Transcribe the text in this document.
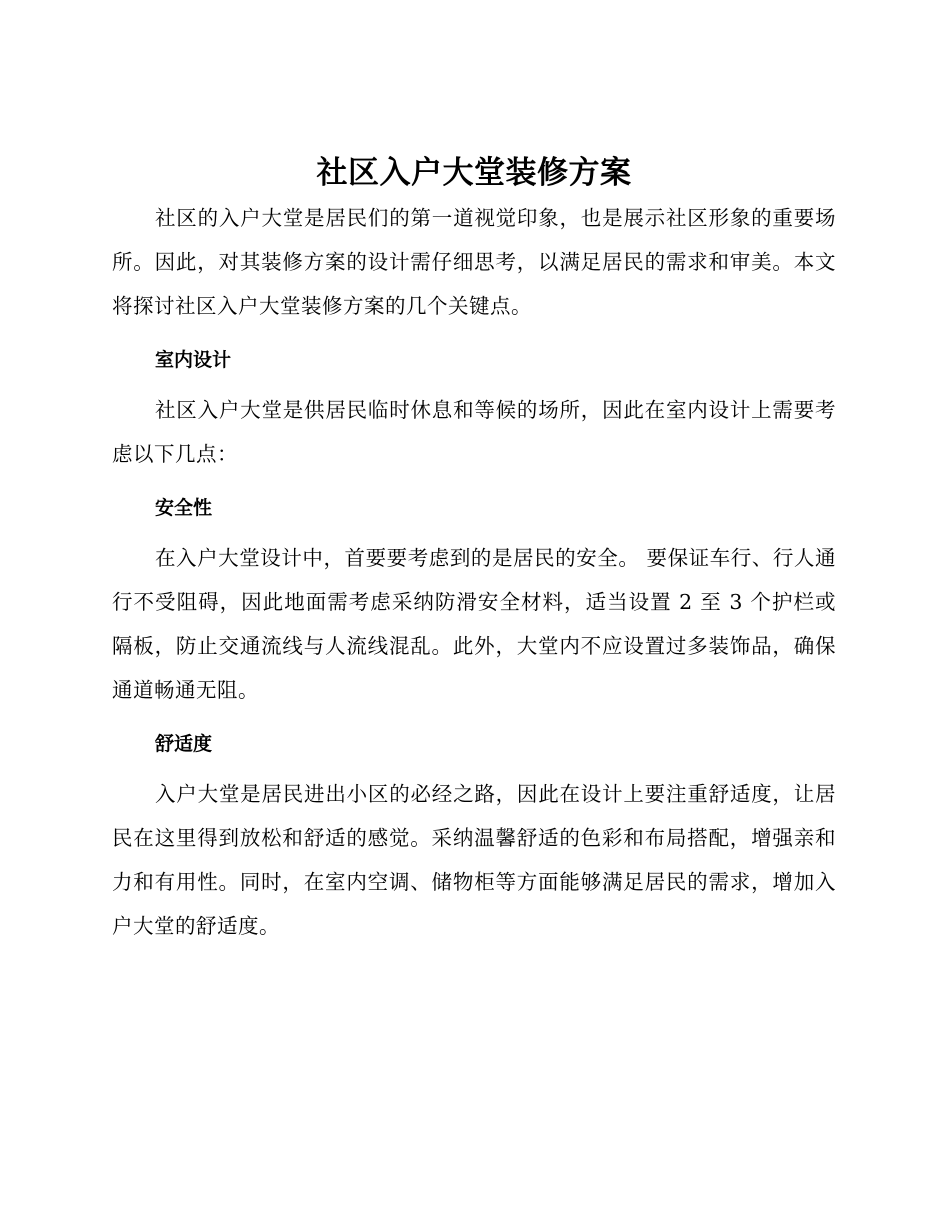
社区入户大堂装修方案

社区的入户大堂是居民们的第一道视觉印象，也是展示社区形象的重要场所。因此，对其装修方案的设计需仔细思考，以满足居民的需求和审美。本文将探讨社区入户大堂装修方案的几个关键点。

室内设计

社区入户大堂是供居民临时休息和等候的场所，因此在室内设计上需要考虑以下几点：

安全性

在入户大堂设计中，首要要考虑到的是居民的安全。 要保证车行、行人通行不受阻碍，因此地面需考虑采纳防滑安全材料，适当设置 2 至 3 个护栏或隔板，防止交通流线与人流线混乱。此外，大堂内不应设置过多装饰品，确保通道畅通无阻。

舒适度

入户大堂是居民进出小区的必经之路，因此在设计上要注重舒适度，让居民在这里得到放松和舒适的感觉。采纳温馨舒适的色彩和布局搭配，增强亲和力和有用性。同时，在室内空调、储物柜等方面能够满足居民的需求，增加入户大堂的舒适度。
